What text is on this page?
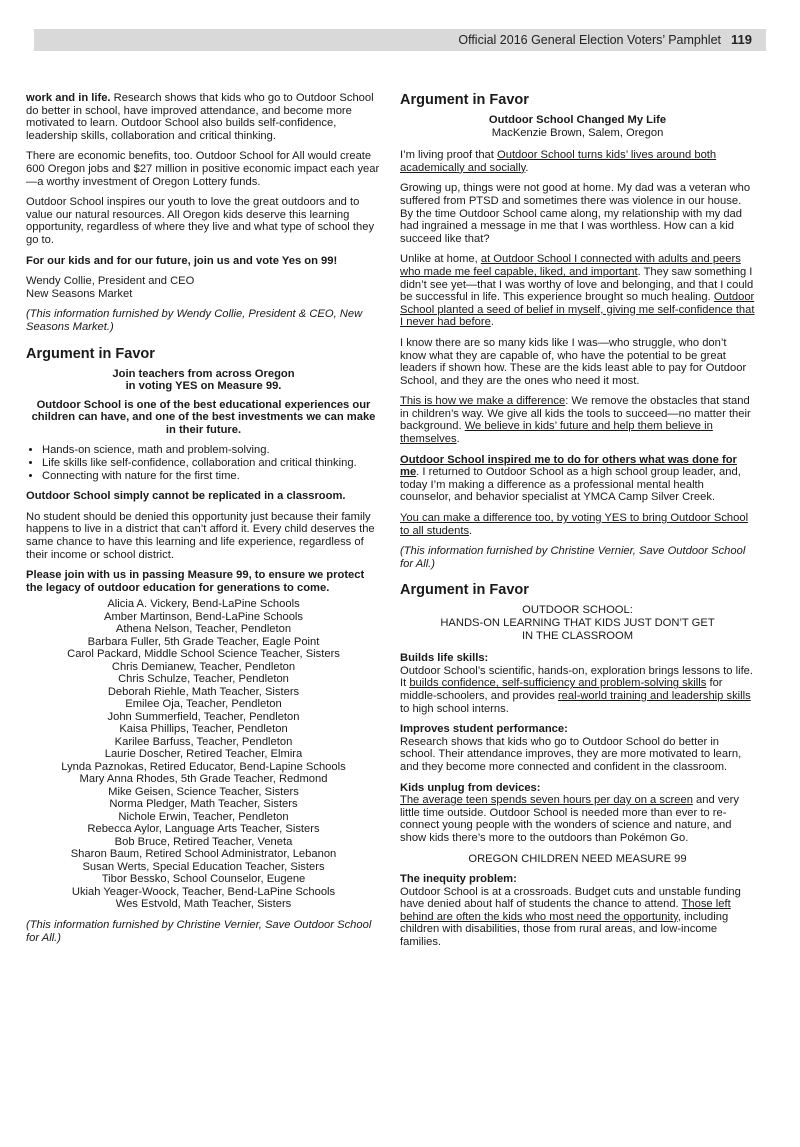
Official 2016 General Election Voters’ Pamphlet 119

work and in life. Research shows that kids who go to Outdoor School do better in school, have improved attendance, and become more motivated to learn. Outdoor School also builds self-confidence, leadership skills, collaboration and critical thinking.

There are economic benefits, too. Outdoor School for All would create 600 Oregon jobs and $27 million in positive economic impact each year—a worthy investment of Oregon Lottery funds.

Outdoor School inspires our youth to love the great outdoors and to value our natural resources. All Oregon kids deserve this learning opportunity, regardless of where they live and what type of school they go to.

For our kids and for our future, join us and vote Yes on 99!

Wendy Collie, President and CEO
New Seasons Market

(This information furnished by Wendy Collie, President & CEO, New Seasons Market.)

Argument in Favor
Join teachers from across Oregon
in voting YES on Measure 99.

Outdoor School is one of the best educational experiences our children can have, and one of the best investments we can make in their future.

• Hands-on science, math and problem-solving.
• Life skills like self-confidence, collaboration and critical thinking.
• Connecting with nature for the first time.

Outdoor School simply cannot be replicated in a classroom.

No student should be denied this opportunity just because their family happens to live in a district that can’t afford it. Every child deserves the same chance to have this learning and life experience, regardless of their income or school district.

Please join with us in passing Measure 99, to ensure we protect the legacy of outdoor education for generations to come.

Alicia A. Vickery, Bend-LaPine Schools
Amber Martinson, Bend-LaPine Schools
Athena Nelson, Teacher, Pendleton
Barbara Fuller, 5th Grade Teacher, Eagle Point
Carol Packard, Middle School Science Teacher, Sisters
Chris Demianew, Teacher, Pendleton
Chris Schulze, Teacher, Pendleton
Deborah Riehle, Math Teacher, Sisters
Emilee Oja, Teacher, Pendleton
John Summerfield, Teacher, Pendleton
Kaisa Phillips, Teacher, Pendleton
Karilee Barfuss, Teacher, Pendleton
Laurie Doscher, Retired Teacher, Elmira
Lynda Paznokas, Retired Educator, Bend-Lapine Schools
Mary Anna Rhodes, 5th Grade Teacher, Redmond
Mike Geisen, Science Teacher, Sisters
Norma Pledger, Math Teacher, Sisters
Nichole Erwin, Teacher, Pendleton
Rebecca Aylor, Language Arts Teacher, Sisters
Bob Bruce, Retired Teacher, Veneta
Sharon Baum, Retired School Administrator, Lebanon
Susan Werts, Special Education Teacher, Sisters
Tibor Bessko, School Counselor, Eugene
Ukiah Yeager-Woock, Teacher, Bend-LaPine Schools
Wes Estvold, Math Teacher, Sisters

(This information furnished by Christine Vernier, Save Outdoor School for All.)

Argument in Favor
Outdoor School Changed My Life
MacKenzie Brown, Salem, Oregon

I’m living proof that Outdoor School turns kids’ lives around both academically and socially.

Growing up, things were not good at home. My dad was a veteran who suffered from PTSD and sometimes there was violence in our house. By the time Outdoor School came along, my relationship with my dad had ingrained a message in me that I was worthless. How can a kid succeed like that?

Unlike at home, at Outdoor School I connected with adults and peers who made me feel capable, liked, and important. They saw something I didn’t see yet—that I was worthy of love and belonging, and that I could be successful in life. This experience brought so much healing. Outdoor School planted a seed of belief in myself, giving me self-confidence that I never had before.

I know there are so many kids like I was—who struggle, who don’t know what they are capable of, who have the potential to be great leaders if shown how. These are the kids least able to pay for Outdoor School, and they are the ones who need it most.

This is how we make a difference: We remove the obstacles that stand in children’s way. We give all kids the tools to succeed—no matter their background. We believe in kids’ future and help them believe in themselves.

Outdoor School inspired me to do for others what was done for me. I returned to Outdoor School as a high school group leader, and, today I’m making a difference as a professional mental health counselor, and behavior specialist at YMCA Camp Silver Creek.

You can make a difference too, by voting YES to bring Outdoor School to all students.

(This information furnished by Christine Vernier, Save Outdoor School for All.)

Argument in Favor
OUTDOOR SCHOOL:
HANDS-ON LEARNING THAT KIDS JUST DON’T GET
IN THE CLASSROOM
Builds life skills:
Outdoor School’s scientific, hands-on, exploration brings lessons to life. It builds confidence, self-sufficiency and problem-solving skills for middle-schoolers, and provides real-world training and leadership skills to high school interns.
Improves student performance:
Research shows that kids who go to Outdoor School do better in school. Their attendance improves, they are more motivated to learn, and they become more connected and confident in the classroom.
Kids unplug from devices:
The average teen spends seven hours per day on a screen and very little time outside. Outdoor School is needed more than ever to re-connect young people with the wonders of science and nature, and show kids there’s more to the outdoors than Pokémon Go.

OREGON CHILDREN NEED MEASURE 99

The inequity problem:
Outdoor School is at a crossroads. Budget cuts and unstable funding have denied about half of students the chance to attend. Those left behind are often the kids who most need the opportunity, including children with disabilities, those from rural areas, and low-income families.
